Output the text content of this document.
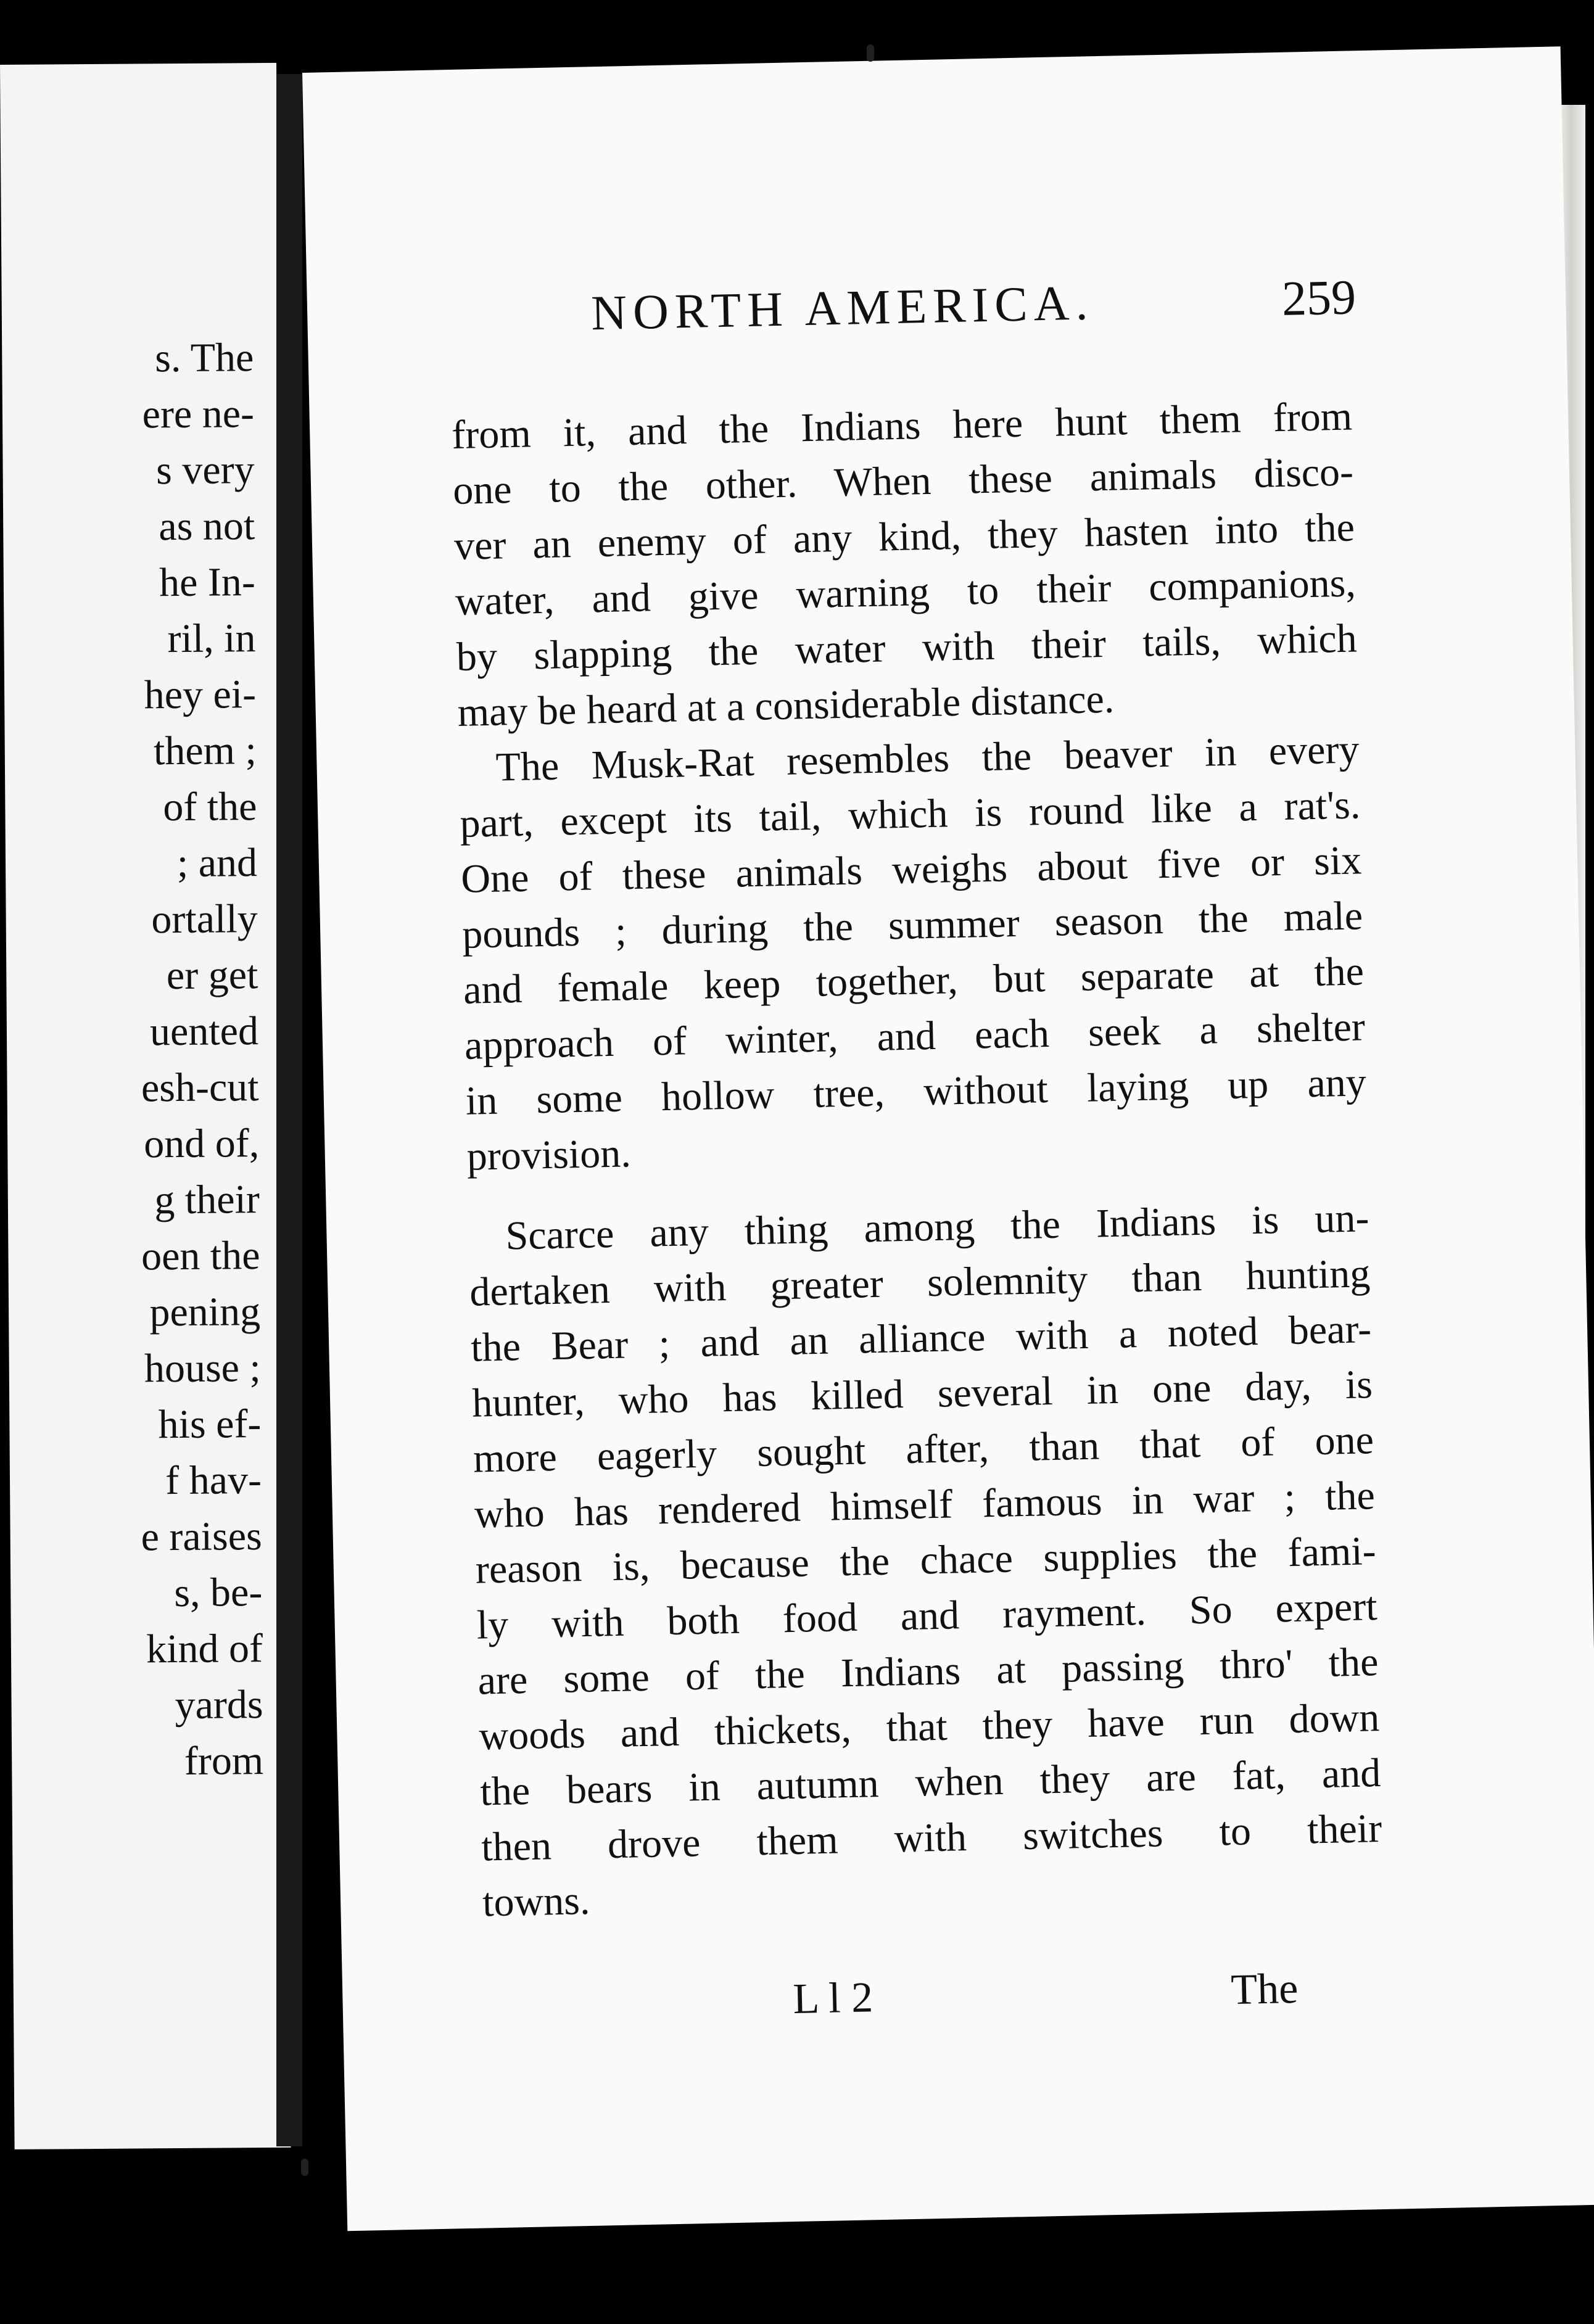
s. The
ere ne-
s very
as not
he In-
ril, in
hey ei-
them ;
of the
; and
ortally
er get
uented
esh-cut
ond of,
g their
oen the
pening
house ;
his ef-
f hav-
e raises
s, be-
kind of
yards
from
NORTH AMERICA.	259
from it, and the Indians here hunt them from
one to the other. When these animals disco-
ver an enemy of any kind, they hasten into the
water, and give warning to their companions,
by slapping the water with their tails, which
may be heard at a considerable distance.
The Musk-Rat resembles the beaver in every
part, except its tail, which is round like a rat's.
One of these animals weighs about five or six
pounds ; during the summer season the male
and female keep together, but separate at the
approach of winter, and each seek a shelter
in some hollow tree, without laying up any
provision.
Scarce any thing among the Indians is un-
dertaken with greater solemnity than hunting
the Bear ; and an alliance with a noted bear-
hunter, who has killed several in one day, is
more eagerly sought after, than that of one
who has rendered himself famous in war ; the
reason is, because the chace supplies the fami-
ly with both food and rayment. So expert
are some of the Indians at passing thro' the
woods and thickets, that they have run down
the bears in autumn when they are fat, and
then drove them with switches to their
towns.
L l 2	The
